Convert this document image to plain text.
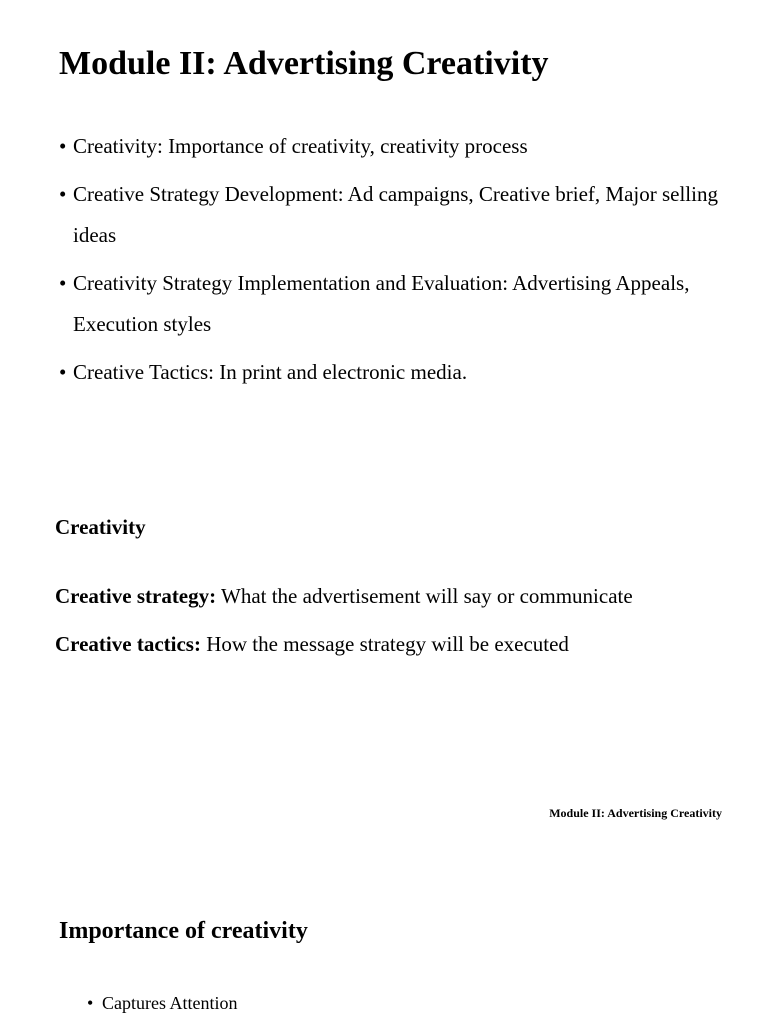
Module II: Advertising Creativity
• Creativity: Importance of creativity, creativity process
• Creative Strategy Development: Ad campaigns, Creative brief, Major selling ideas
• Creativity Strategy Implementation and Evaluation: Advertising Appeals, Execution styles
• Creative Tactics: In print and electronic media.
Creativity

Creative strategy: What the advertisement will say or communicate

Creative tactics: How the message strategy will be executed

Module II: Advertising Creativity
Importance of creativity
• Captures Attention
